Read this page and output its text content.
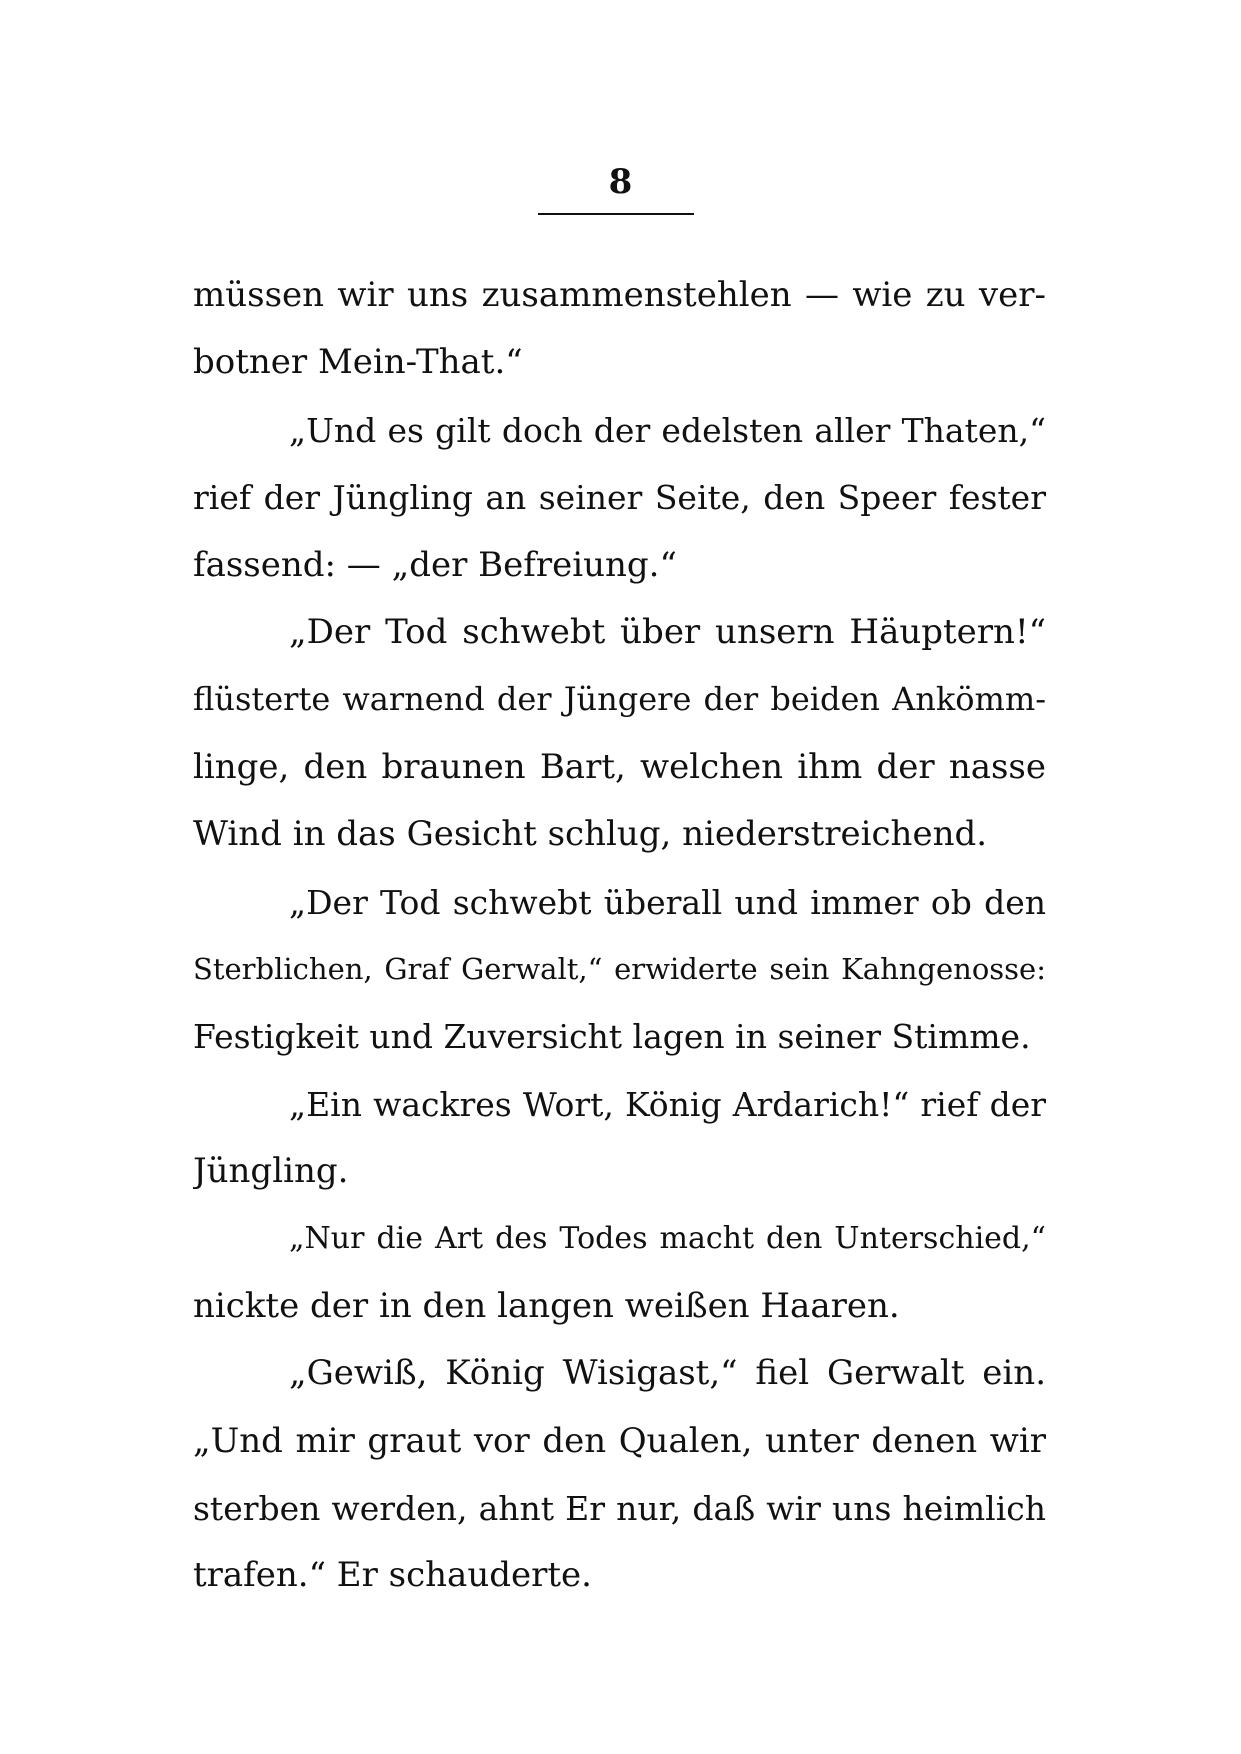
8
müssen wir uns zusammenstehlen — wie zu ver-
botner Mein-That.“
„Und es gilt doch der edelsten aller Thaten,“
rief der Jüngling an seiner Seite, den Speer fester
fassend: — „der Befreiung.“
„Der Tod schwebt über unsern Häuptern!“
flüsterte warnend der Jüngere der beiden Ankömm-
linge, den braunen Bart, welchen ihm der nasse
Wind in das Gesicht schlug, niederstreichend.
„Der Tod schwebt überall und immer ob den
Sterblichen, Graf Gerwalt,“ erwiderte sein Kahngenosse:
Festigkeit und Zuversicht lagen in seiner Stimme.
„Ein wackres Wort, König Ardarich!“ rief der
Jüngling.
„Nur die Art des Todes macht den Unterschied,“
nickte der in den langen weißen Haaren.
„Gewiß, König Wisigast,“ fiel Gerwalt ein.
„Und mir graut vor den Qualen, unter denen wir
sterben werden, ahnt Er nur, daß wir uns heimlich
trafen.“ Er schauderte.
